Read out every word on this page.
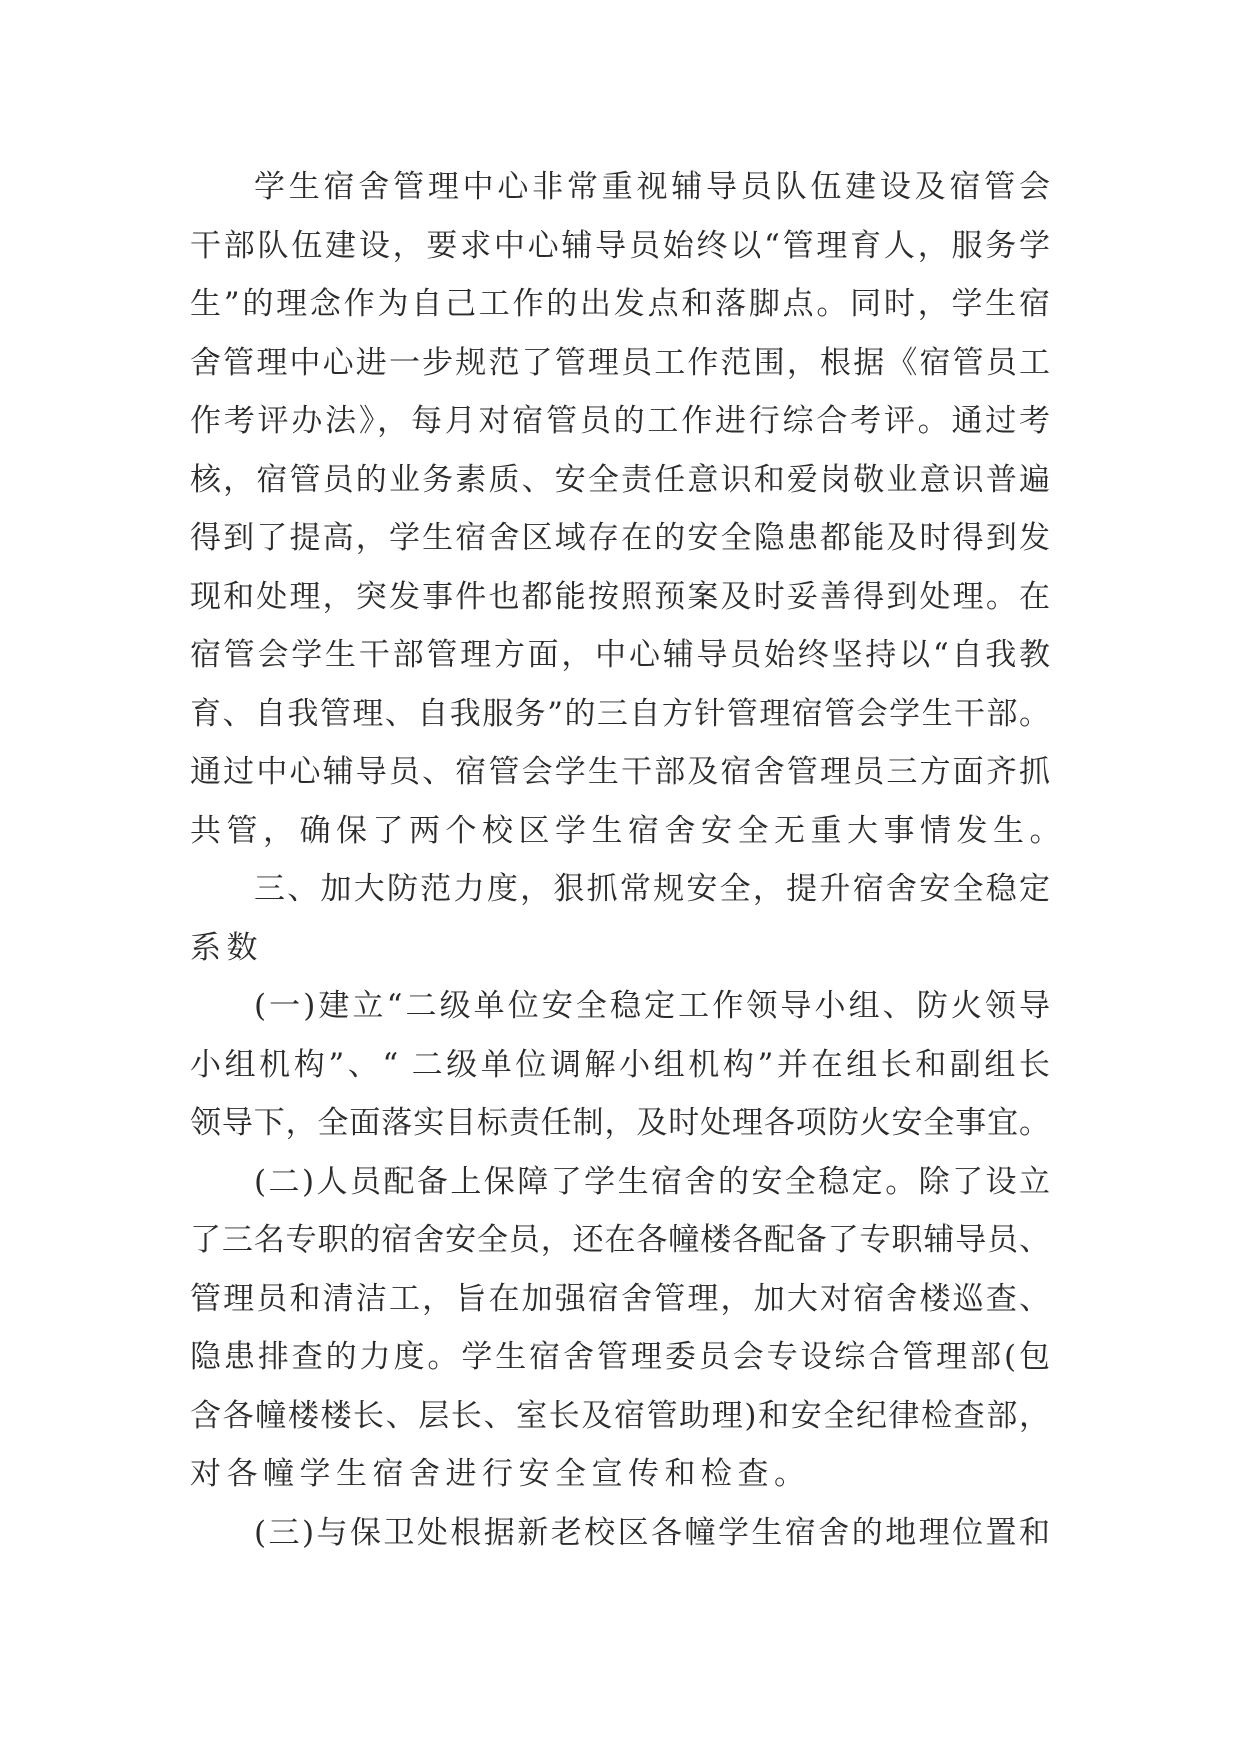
学生宿舍管理中心非常重视辅导员队伍建设及宿管会
干部队伍建设，要求中心辅导员始终以“管理育人，服务学
生”的理念作为自己工作的出发点和落脚点。同时，学生宿
舍管理中心进一步规范了管理员工作范围，根据《宿管员工
作考评办法》，每月对宿管员的工作进行综合考评。通过考
核，宿管员的业务素质、安全责任意识和爱岗敬业意识普遍
得到了提高，学生宿舍区域存在的安全隐患都能及时得到发
现和处理，突发事件也都能按照预案及时妥善得到处理。在
宿管会学生干部管理方面，中心辅导员始终坚持以“自我教
育、自我管理、自我服务”的三自方针管理宿管会学生干部。
通过中心辅导员、宿管会学生干部及宿舍管理员三方面齐抓
共管，确保了两个校区学生宿舍安全无重大事情发生。
三、加大防范力度，狠抓常规安全，提升宿舍安全稳定
系数
(一)建立“二级单位安全稳定工作领导小组、防火领导
小组机构”、“ 二级单位调解小组机构”并在组长和副组长
领导下，全面落实目标责任制，及时处理各项防火安全事宜。
(二)人员配备上保障了学生宿舍的安全稳定。除了设立
了三名专职的宿舍安全员，还在各幢楼各配备了专职辅导员、
管理员和清洁工，旨在加强宿舍管理，加大对宿舍楼巡查、
隐患排查的力度。学生宿舍管理委员会专设综合管理部(包
含各幢楼楼长、层长、室长及宿管助理)和安全纪律检查部，
对各幢学生宿舍进行安全宣传和检查。
(三)与保卫处根据新老校区各幢学生宿舍的地理位置和
